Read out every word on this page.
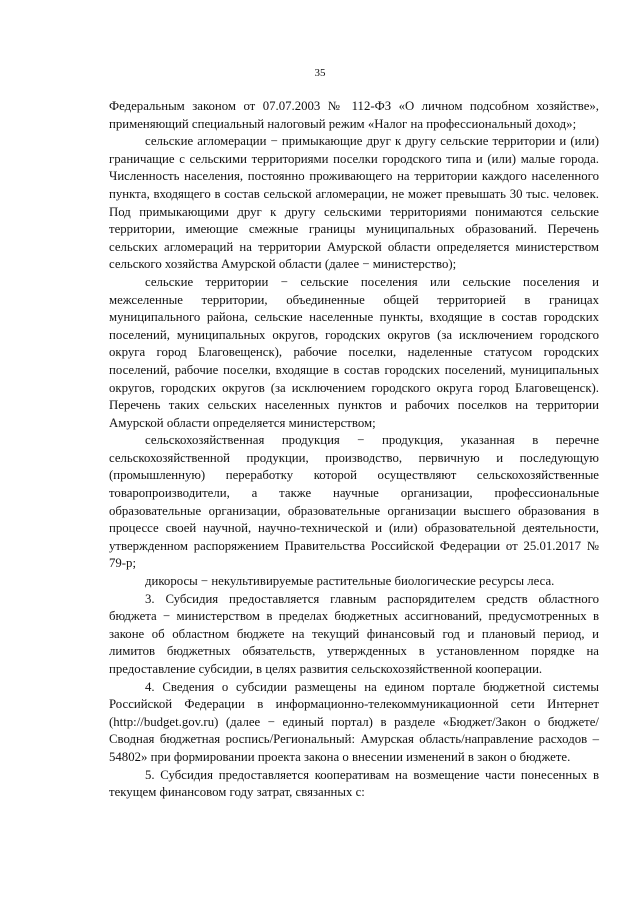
35

Федеральным законом от 07.07.2003 № 112-ФЗ «О личном подсобном хозяйстве», применяющий специальный налоговый режим «Налог на профессиональный доход»;

сельские агломерации − примыкающие друг к другу сельские территории и (или) граничащие с сельскими территориями поселки городского типа и (или) малые города. Численность населения, постоянно проживающего на территории каждого населенного пункта, входящего в состав сельской агломерации, не может превышать 30 тыс. человек. Под примыкающими друг к другу сельскими территориями понимаются сельские территории, имеющие смежные границы муниципальных образований. Перечень сельских агломераций на территории Амурской области определяется министерством сельского хозяйства Амурской области (далее − министерство);

сельские территории − сельские поселения или сельские поселения и межселенные территории, объединенные общей территорией в границах муниципального района, сельские населенные пункты, входящие в состав городских поселений, муниципальных округов, городских округов (за исключением городского округа город Благовещенск), рабочие поселки, наделенные статусом городских поселений, рабочие поселки, входящие в состав городских поселений, муниципальных округов, городских округов (за исключением городского округа город Благовещенск). Перечень таких сельских населенных пунктов и рабочих поселков на территории Амурской области определяется министерством;

сельскохозяйственная продукция − продукция, указанная в перечне сельскохозяйственной продукции, производство, первичную и последующую (промышленную) переработку которой осуществляют сельскохозяйственные товаропроизводители, а также научные организации, профессиональные образовательные организации, образовательные организации высшего образования в процессе своей научной, научно-технической и (или) образовательной деятельности, утвержденном распоряжением Правительства Российской Федерации от 25.01.2017 № 79-р;

дикоросы − некультивируемые растительные биологические ресурсы леса.

3. Субсидия предоставляется главным распорядителем средств областного бюджета − министерством в пределах бюджетных ассигнований, предусмотренных в законе об областном бюджете на текущий финансовый год и плановый период, и лимитов бюджетных обязательств, утвержденных в установленном порядке на предоставление субсидии, в целях развития сельскохозяйственной кооперации.

4. Сведения о субсидии размещены на едином портале бюджетной системы Российской Федерации в информационно-телекоммуникационной сети Интернет (http://budget.gov.ru) (далее − единый портал) в разделе «Бюджет/Закон о бюджете/Сводная бюджетная роспись/Региональный: Амурская область/направление расходов – 54802» при формировании проекта закона о внесении изменений в закон о бюджете.

5. Субсидия предоставляется кооперативам на возмещение части понесенных в текущем финансовом году затрат, связанных с:
